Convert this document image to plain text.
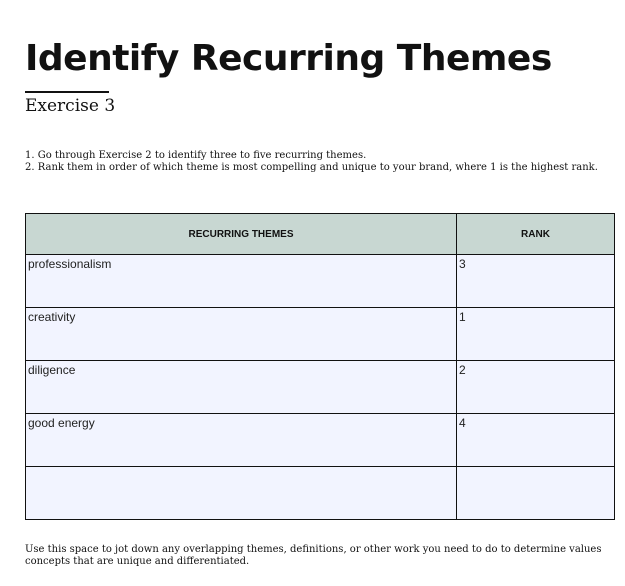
Identify Recurring Themes
Exercise 3
1. Go through Exercise 2 to identify three to five recurring themes.
2. Rank them in order of which theme is most compelling and unique to your brand, where 1 is the highest rank.
RECURRING THEMES	RANK
professionalism	3
creativity	1
diligence	2
good energy	4

Use this space to jot down any overlapping themes, definitions, or other work you need to do to determine values concepts that are unique and differentiated.
